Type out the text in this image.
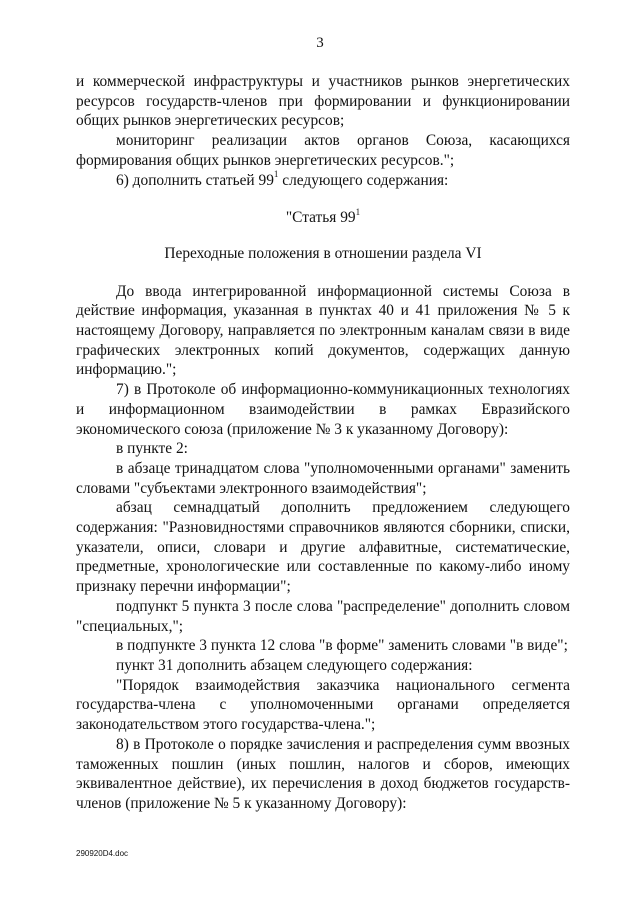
3

и коммерческой инфраструктуры и участников рынков энергетических ресурсов государств-членов при формировании и функционировании общих рынков энергетических ресурсов;

мониторинг реализации актов органов Союза, касающихся формирования общих рынков энергетических ресурсов.";

6) дополнить статьей $99^1$ следующего содержания:

"Статья $99^1$

Переходные положения в отношении раздела VI

До ввода интегрированной информационной системы Союза в действие информация, указанная в пунктах 40 и 41 приложения № 5 к настоящему Договору, направляется по электронным каналам связи в виде графических электронных копий документов, содержащих данную информацию.";

7) в Протоколе об информационно-коммуникационных технологиях и информационном взаимодействии в рамках Евразийского экономического союза (приложение № 3 к указанному Договору):

в пункте 2:

в абзаце тринадцатом слова "уполномоченными органами" заменить словами "субъектами электронного взаимодействия";

абзац семнадцатый дополнить предложением следующего содержания: "Разновидностями справочников являются сборники, списки, указатели, описи, словари и другие алфавитные, систематические, предметные, хронологические или составленные по какому-либо иному признаку перечни информации";

подпункт 5 пункта 3 после слова "распределение" дополнить словом "специальных,";

в подпункте 3 пункта 12 слова "в форме" заменить словами "в виде";

пункт 31 дополнить абзацем следующего содержания:

"Порядок взаимодействия заказчика национального сегмента государства-члена с уполномоченными органами определяется законодательством этого государства-члена.";

8) в Протоколе о порядке зачисления и распределения сумм ввозных таможенных пошлин (иных пошлин, налогов и сборов, имеющих эквивалентное действие), их перечисления в доход бюджетов государств-членов (приложение № 5 к указанному Договору):

290920D4.doc
